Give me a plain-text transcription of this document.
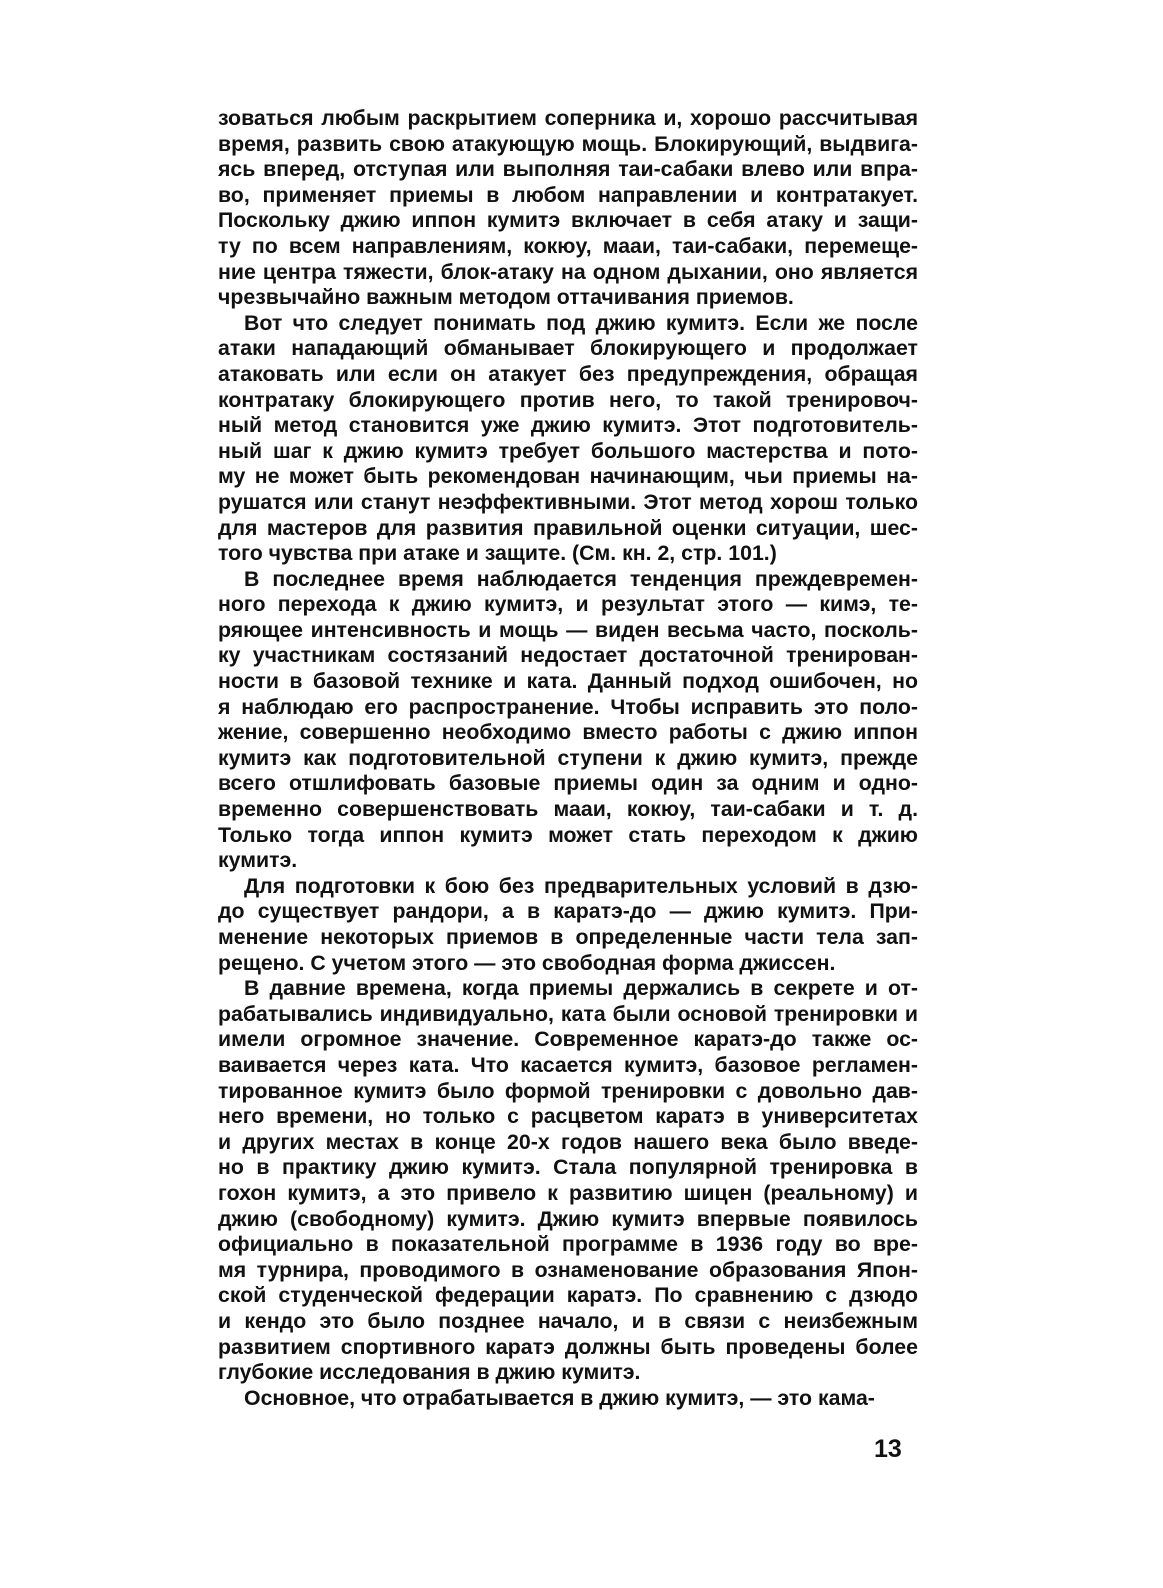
зоваться любым раскрытием соперника и, хорошо рассчитывая
время, развить свою атакующую мощь. Блокирующий, выдвига-
ясь вперед, отступая или выполняя таи-сабаки влево или впра-
во, применяет приемы в любом направлении и контратакует.
Поскольку джию иппон кумитэ включает в себя атаку и защи-
ту по всем направлениям, кокюу, мааи, таи-сабаки, перемеще-
ние центра тяжести, блок-атаку на одном дыхании, оно является
чрезвычайно важным методом оттачивания приемов.
Вот что следует понимать под джию кумитэ. Если же после
атаки нападающий обманывает блокирующего и продолжает
атаковать или если он атакует без предупреждения, обращая
контратаку блокирующего против него, то такой тренировоч-
ный метод становится уже джию кумитэ. Этот подготовитель-
ный шаг к джию кумитэ требует большого мастерства и пото-
му не может быть рекомендован начинающим, чьи приемы на-
рушатся или станут неэффективными. Этот метод хорош только
для мастеров для развития правильной оценки ситуации, шес-
того чувства при атаке и защите. (См. кн. 2, стр. 101.)
В последнее время наблюдается тенденция преждевремен-
ного перехода к джию кумитэ, и результат этого — кимэ, те-
ряющее интенсивность и мощь — виден весьма часто, посколь-
ку участникам состязаний недостает достаточной тренирован-
ности в базовой технике и ката. Данный подход ошибочен, но
я наблюдаю его распространение. Чтобы исправить это поло-
жение, совершенно необходимо вместо работы с джию иппон
кумитэ как подготовительной ступени к джию кумитэ, прежде
всего отшлифовать базовые приемы один за одним и одно-
временно совершенствовать мааи, кокюу, таи-сабаки и т. д.
Только тогда иппон кумитэ может стать переходом к джию
кумитэ.
Для подготовки к бою без предварительных условий в дзю-
до существует рандори, а в каратэ-до — джию кумитэ. При-
менение некоторых приемов в определенные части тела зап-
рещено. С учетом этого — это свободная форма джиссен.
В давние времена, когда приемы держались в секрете и от-
рабатывались индивидуально, ката были основой тренировки и
имели огромное значение. Современное каратэ-до также ос-
ваивается через ката. Что касается кумитэ, базовое регламен-
тированное кумитэ было формой тренировки с довольно дав-
него времени, но только с расцветом каратэ в университетах
и других местах в конце 20-х годов нашего века было введе-
но в практику джию кумитэ. Стала популярной тренировка в
гохон кумитэ, а это привело к развитию шицен (реальному) и
джию (свободному) кумитэ. Джию кумитэ впервые появилось
официально в показательной программе в 1936 году во вре-
мя турнира, проводимого в ознаменование образования Япон-
ской студенческой федерации каратэ. По сравнению с дзюдо
и кендо это было позднее начало, и в связи с неизбежным
развитием спортивного каратэ должны быть проведены более
глубокие исследования в джию кумитэ.
Основное, что отрабатывается в джию кумитэ, — это кама-
13
